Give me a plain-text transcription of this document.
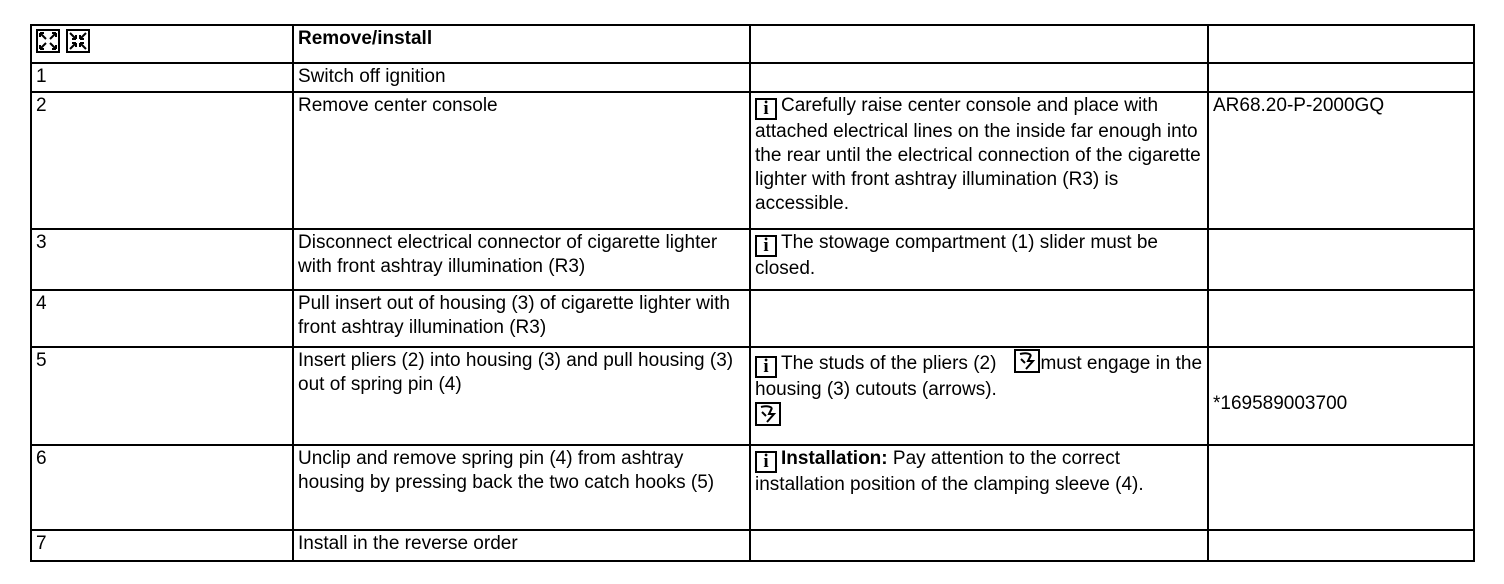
	Remove/install		
1	Switch off ignition		
2	Remove center console	i Carefully raise center console and place with attached electrical lines on the inside far enough into the rear until the electrical connection of the cigarette lighter with front ashtray illumination (R3) is accessible.	AR68.20-P-2000GQ
3	Disconnect electrical connector of cigarette lighter with front ashtray illumination (R3)	i The stowage compartment (1) slider must be closed.	
4	Pull insert out of housing (3) of cigarette lighter with front ashtray illumination (R3)		
5	Insert pliers (2) into housing (3) and pull housing (3) out of spring pin (4)	i The studs of the pliers (2) must engage in the housing (3) cutouts (arrows).	*169589003700

6	Unclip and remove spring pin (4) from ashtray housing by pressing back the two catch hooks (5)	i Installation: Pay attention to the correct installation position of the clamping sleeve (4).	
7	Install in the reverse order		
